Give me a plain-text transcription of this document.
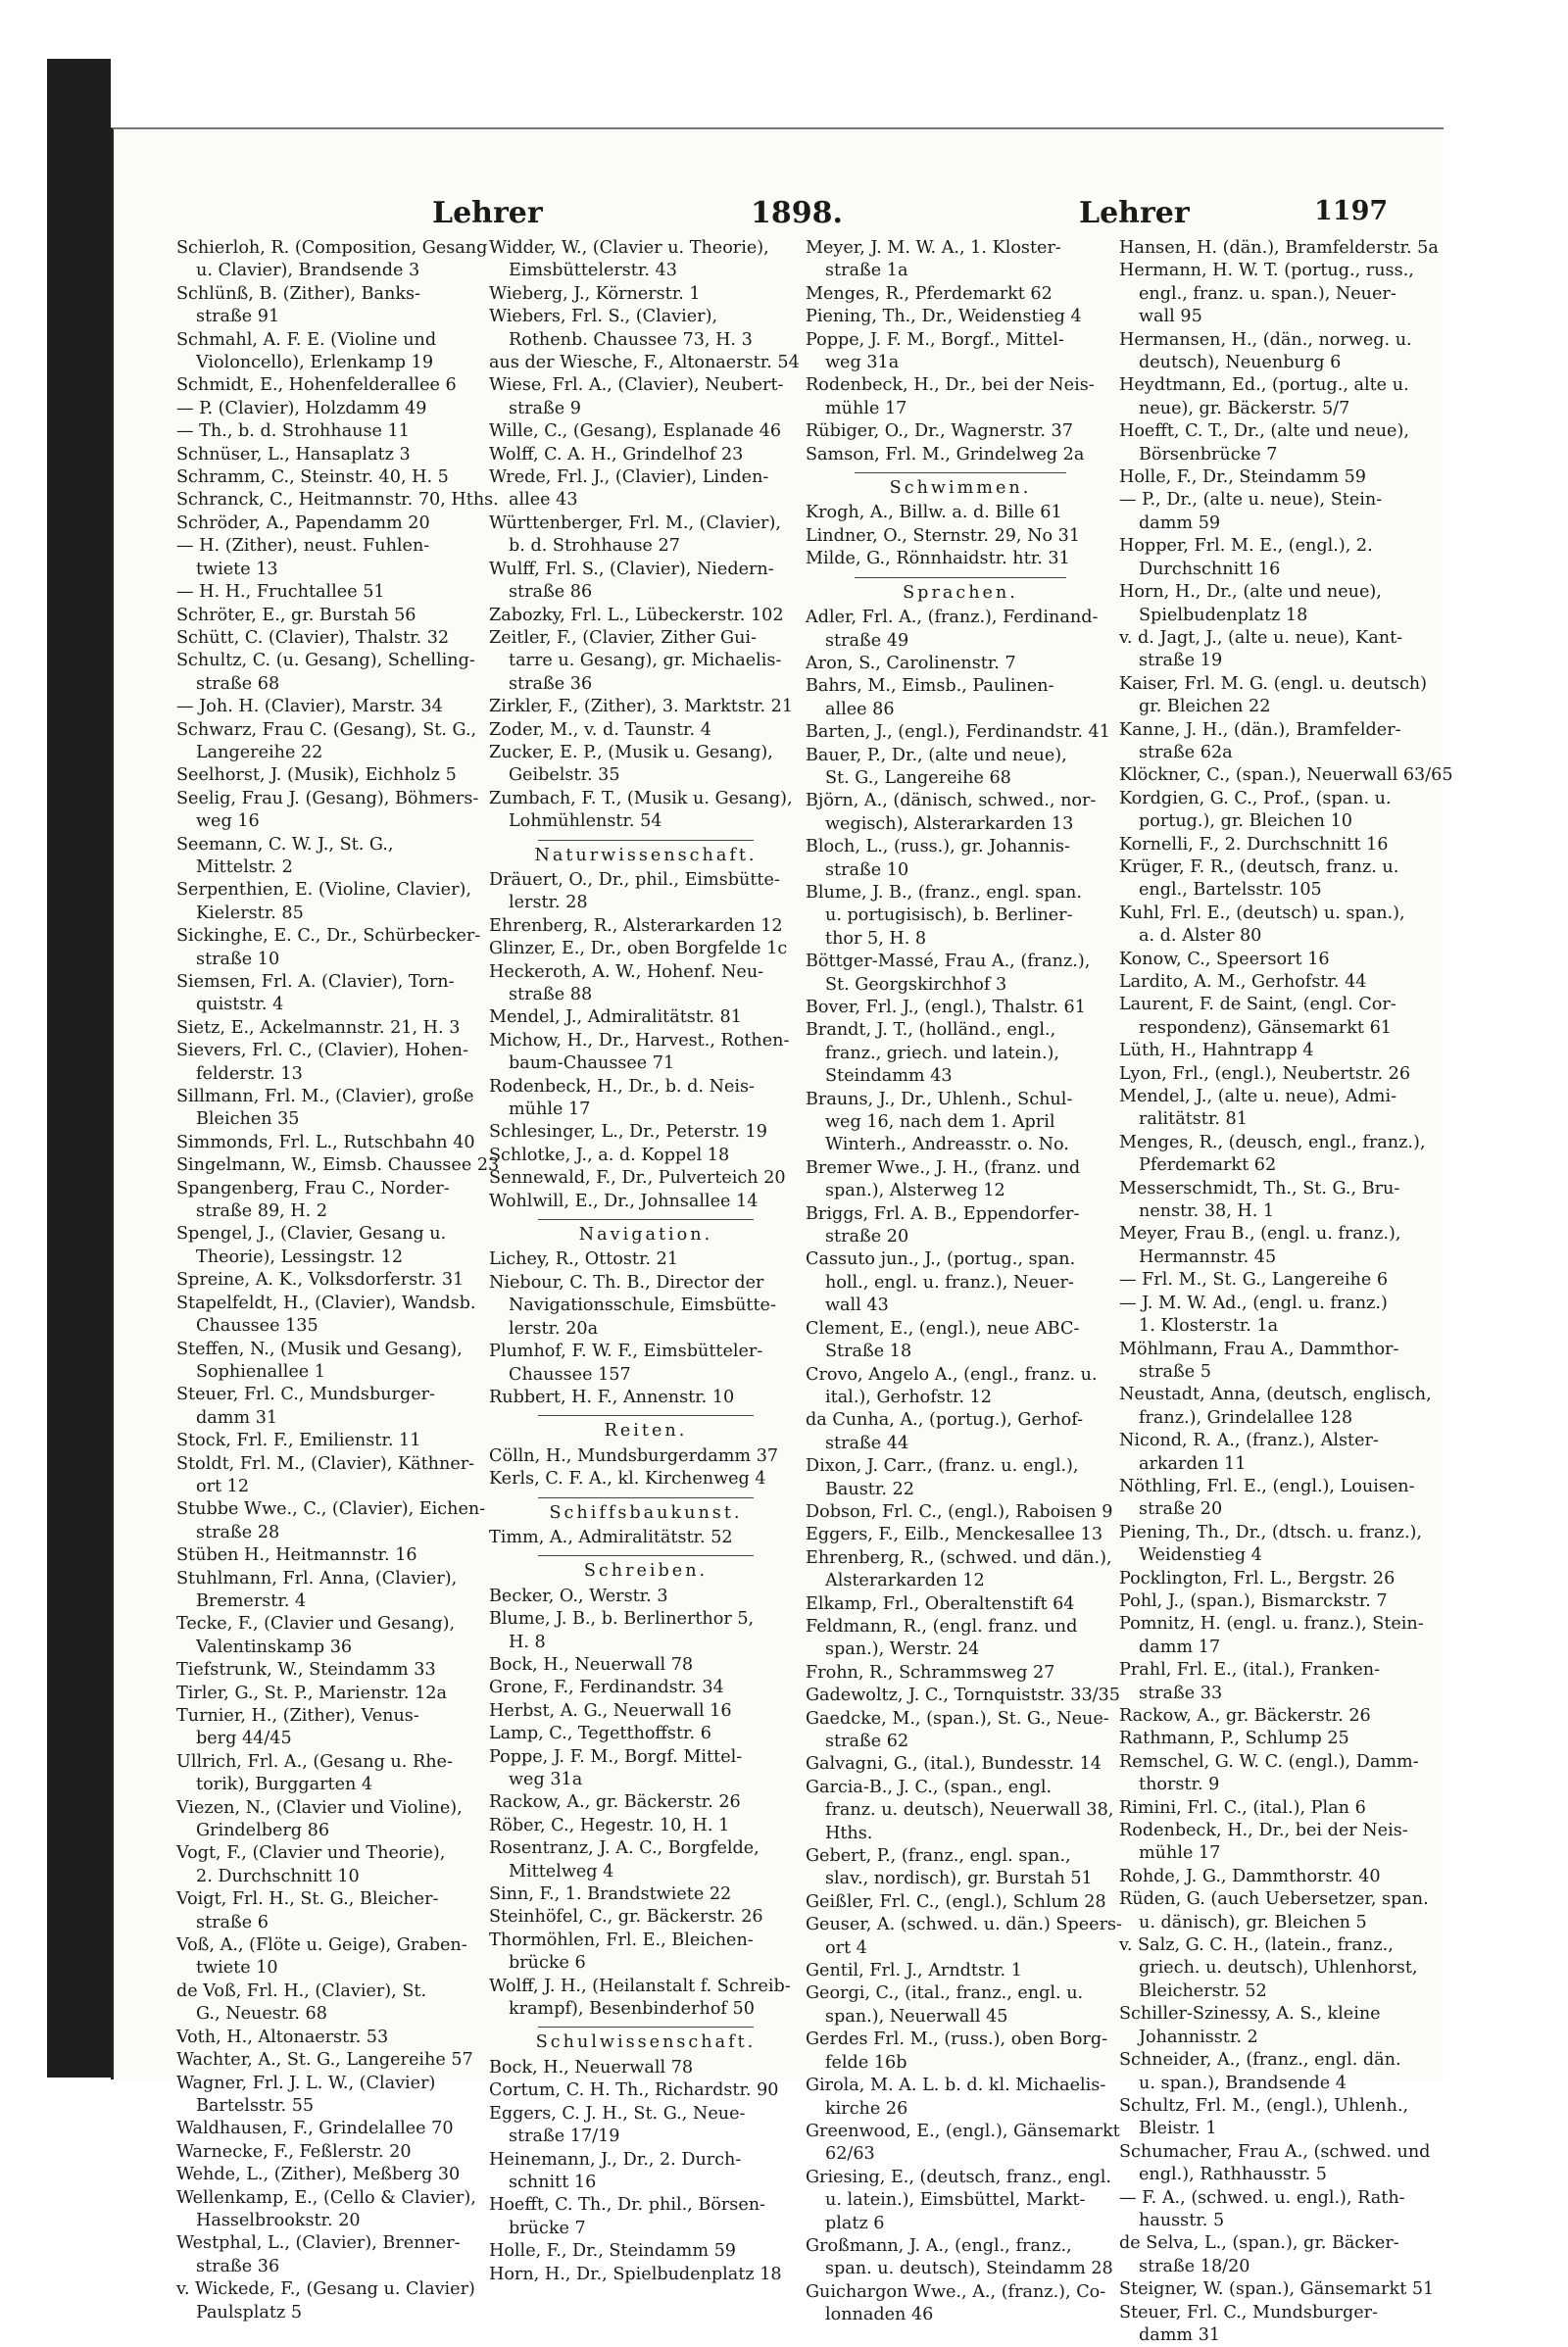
Lehrer	1898.	Lehrer	1197
Schierloh, R. (Composition, Gesang
u. Clavier), Brandsende 3
Schlünß, B. (Zither), Banks-
straße 91
Schmahl, A. F. E. (Violine und
Violoncello), Erlenkamp 19
Schmidt, E., Hohenfelderallee 6
— P. (Clavier), Holzdamm 49
— Th., b. d. Strohhause 11
Schnüser, L., Hansaplatz 3
Schramm, C., Steinstr. 40, H. 5
Schranck, C., Heitmannstr. 70, Hths.
Schröder, A., Papendamm 20
— H. (Zither), neust. Fuhlen-
twiete 13
— H. H., Fruchtallee 51
Schröter, E., gr. Burstah 56
Schütt, C. (Clavier), Thalstr. 32
Schultz, C. (u. Gesang), Schelling-
straße 68
— Joh. H. (Clavier), Marstr. 34
Schwarz, Frau C. (Gesang), St. G.,
Langereihe 22
Seelhorst, J. (Musik), Eichholz 5
Seelig, Frau J. (Gesang), Böhmers-
weg 16
Seemann, C. W. J., St. G.,
Mittelstr. 2
Serpenthien, E. (Violine, Clavier),
Kielerstr. 85
Sickinghe, E. C., Dr., Schürbecker-
straße 10
Siemsen, Frl. A. (Clavier), Torn-
quiststr. 4
Sietz, E., Ackelmannstr. 21, H. 3
Sievers, Frl. C., (Clavier), Hohen-
felderstr. 13
Sillmann, Frl. M., (Clavier), große
Bleichen 35
Simmonds, Frl. L., Rutschbahn 40
Singelmann, W., Eimsb. Chaussee 23
Spangenberg, Frau C., Norder-
straße 89, H. 2
Spengel, J., (Clavier, Gesang u.
Theorie), Lessingstr. 12
Spreine, A. K., Volksdorferstr. 31
Stapelfeldt, H., (Clavier), Wandsb.
Chaussee 135
Steffen, N., (Musik und Gesang),
Sophienallee 1
Steuer, Frl. C., Mundsburger-
damm 31
Stock, Frl. F., Emilienstr. 11
Stoldt, Frl. M., (Clavier), Käthner-
ort 12
Stubbe Wwe., C., (Clavier), Eichen-
straße 28
Stüben H., Heitmannstr. 16
Stuhlmann, Frl. Anna, (Clavier),
Bremerstr. 4
Tecke, F., (Clavier und Gesang),
Valentinskamp 36
Tiefstrunk, W., Steindamm 33
Tirler, G., St. P., Marienstr. 12a
Turnier, H., (Zither), Venus-
berg 44/45
Ullrich, Frl. A., (Gesang u. Rhe-
torik), Burggarten 4
Viezen, N., (Clavier und Violine),
Grindelberg 86
Vogt, F., (Clavier und Theorie),
2. Durchschnitt 10
Voigt, Frl. H., St. G., Bleicher-
straße 6
Voß, A., (Flöte u. Geige), Graben-
twiete 10
de Voß, Frl. H., (Clavier), St.
G., Neuestr. 68
Voth, H., Altonaerstr. 53
Wachter, A., St. G., Langereihe 57
Wagner, Frl. J. L. W., (Clavier)
Bartelsstr. 55
Waldhausen, F., Grindelallee 70
Warnecke, F., Feßlerstr. 20
Wehde, L., (Zither), Meßberg 30
Wellenkamp, E., (Cello & Clavier),
Hasselbrookstr. 20
Westphal, L., (Clavier), Brenner-
straße 36
v. Wickede, F., (Gesang u. Clavier)
Paulsplatz 5
Widder, W., (Clavier u. Theorie),
Eimsbüttelerstr. 43
Wieberg, J., Körnerstr. 1
Wiebers, Frl. S., (Clavier),
Rothenb. Chaussee 73, H. 3
aus der Wiesche, F., Altonaerstr. 54
Wiese, Frl. A., (Clavier), Neubert-
straße 9
Wille, C., (Gesang), Esplanade 46
Wolff, C. A. H., Grindelhof 23
Wrede, Frl. J., (Clavier), Linden-
allee 43
Württenberger, Frl. M., (Clavier),
b. d. Strohhause 27
Wulff, Frl. S., (Clavier), Niedern-
straße 86
Zabozky, Frl. L., Lübeckerstr. 102
Zeitler, F., (Clavier, Zither Gui-
tarre u. Gesang), gr. Michaelis-
straße 36
Zirkler, F., (Zither), 3. Marktstr. 21
Zoder, M., v. d. Taunstr. 4
Zucker, E. P., (Musik u. Gesang),
Geibelstr. 35
Zumbach, F. T., (Musik u. Gesang),
Lohmühlenstr. 54
Naturwissenschaft.
Dräuert, O., Dr., phil., Eimsbütte-
lerstr. 28
Ehrenberg, R., Alsterarkarden 12
Glinzer, E., Dr., oben Borgfelde 1c
Heckeroth, A. W., Hohenf. Neu-
straße 88
Mendel, J., Admiralitätstr. 81
Michow, H., Dr., Harvest., Rothen-
baum-Chaussee 71
Rodenbeck, H., Dr., b. d. Neis-
mühle 17
Schlesinger, L., Dr., Peterstr. 19
Schlotke, J., a. d. Koppel 18
Sennewald, F., Dr., Pulverteich 20
Wohlwill, E., Dr., Johnsallee 14
Navigation.
Lichey, R., Ottostr. 21
Niebour, C. Th. B., Director der
Navigationsschule, Eimsbütte-
lerstr. 20a
Plumhof, F. W. F., Eimsbütteler-
Chaussee 157
Rubbert, H. F., Annenstr. 10
Reiten.
Cölln, H., Mundsburgerdamm 37
Kerls, C. F. A., kl. Kirchenweg 4
Schiffsbaukunst.
Timm, A., Admiralitätstr. 52
Schreiben.
Becker, O., Werstr. 3
Blume, J. B., b. Berlinerthor 5,
H. 8
Bock, H., Neuerwall 78
Grone, F., Ferdinandstr. 34
Herbst, A. G., Neuerwall 16
Lamp, C., Tegetthoffstr. 6
Poppe, J. F. M., Borgf. Mittel-
weg 31a
Rackow, A., gr. Bäckerstr. 26
Röber, C., Hegestr. 10, H. 1
Rosentranz, J. A. C., Borgfelde,
Mittelweg 4
Sinn, F., 1. Brandstwiete 22
Steinhöfel, C., gr. Bäckerstr. 26
Thormöhlen, Frl. E., Bleichen-
brücke 6
Wolff, J. H., (Heilanstalt f. Schreib-
krampf), Besenbinderhof 50
Schulwissenschaft.
Bock, H., Neuerwall 78
Cortum, C. H. Th., Richardstr. 90
Eggers, C. J. H., St. G., Neue-
straße 17/19
Heinemann, J., Dr., 2. Durch-
schnitt 16
Hoefft, C. Th., Dr. phil., Börsen-
brücke 7
Holle, F., Dr., Steindamm 59
Horn, H., Dr., Spielbudenplatz 18
Meyer, J. M. W. A., 1. Kloster-
straße 1a
Menges, R., Pferdemarkt 62
Piening, Th., Dr., Weidenstieg 4
Poppe, J. F. M., Borgf., Mittel-
weg 31a
Rodenbeck, H., Dr., bei der Neis-
mühle 17
Rübiger, O., Dr., Wagnerstr. 37
Samson, Frl. M., Grindelweg 2a
Schwimmen.
Krogh, A., Billw. a. d. Bille 61
Lindner, O., Sternstr. 29, No 31
Milde, G., Rönnhaidstr. htr. 31
Sprachen.
Adler, Frl. A., (franz.), Ferdinand-
straße 49
Aron, S., Carolinenstr. 7
Bahrs, M., Eimsb., Paulinen-
allee 86
Barten, J., (engl.), Ferdinandstr. 41
Bauer, P., Dr., (alte und neue),
St. G., Langereihe 68
Björn, A., (dänisch, schwed., nor-
wegisch), Alsterarkarden 13
Bloch, L., (russ.), gr. Johannis-
straße 10
Blume, J. B., (franz., engl. span.
u. portugisisch), b. Berliner-
thor 5, H. 8
Böttger-Massé, Frau A., (franz.),
St. Georgskirchhof 3
Bover, Frl. J., (engl.), Thalstr. 61
Brandt, J. T., (holländ., engl.,
franz., griech. und latein.),
Steindamm 43
Brauns, J., Dr., Uhlenh., Schul-
weg 16, nach dem 1. April
Winterh., Andreasstr. o. No.
Bremer Wwe., J. H., (franz. und
span.), Alsterweg 12
Briggs, Frl. A. B., Eppendorfer-
straße 20
Cassuto jun., J., (portug., span.
holl., engl. u. franz.), Neuer-
wall 43
Clement, E., (engl.), neue ABC-
Straße 18
Crovo, Angelo A., (engl., franz. u.
ital.), Gerhofstr. 12
da Cunha, A., (portug.), Gerhof-
straße 44
Dixon, J. Carr., (franz. u. engl.),
Baustr. 22
Dobson, Frl. C., (engl.), Raboisen 9
Eggers, F., Eilb., Menckesallee 13
Ehrenberg, R., (schwed. und dän.),
Alsterarkarden 12
Elkamp, Frl., Oberaltenstift 64
Feldmann, R., (engl. franz. und
span.), Werstr. 24
Frohn, R., Schrammsweg 27
Gadewoltz, J. C., Tornquiststr. 33/35
Gaedcke, M., (span.), St. G., Neue-
straße 62
Galvagni, G., (ital.), Bundesstr. 14
Garcia-B., J. C., (span., engl.
franz. u. deutsch), Neuerwall 38,
Hths.
Gebert, P., (franz., engl. span.,
slav., nordisch), gr. Burstah 51
Geißler, Frl. C., (engl.), Schlum 28
Geuser, A. (schwed. u. dän.) Speers-
ort 4
Gentil, Frl. J., Arndtstr. 1
Georgi, C., (ital., franz., engl. u.
span.), Neuerwall 45
Gerdes Frl. M., (russ.), oben Borg-
felde 16b
Girola, M. A. L. b. d. kl. Michaelis-
kirche 26
Greenwood, E., (engl.), Gänsemarkt
62/63
Griesing, E., (deutsch, franz., engl.
u. latein.), Eimsbüttel, Markt-
platz 6
Großmann, J. A., (engl., franz.,
span. u. deutsch), Steindamm 28
Guichargon Wwe., A., (franz.), Co-
lonnaden 46
Hansen, H. (dän.), Bramfelderstr. 5a
Hermann, H. W. T. (portug., russ.,
engl., franz. u. span.), Neuer-
wall 95
Hermansen, H., (dän., norweg. u.
deutsch), Neuenburg 6
Heydtmann, Ed., (portug., alte u.
neue), gr. Bäckerstr. 5/7
Hoefft, C. T., Dr., (alte und neue),
Börsenbrücke 7
Holle, F., Dr., Steindamm 59
— P., Dr., (alte u. neue), Stein-
damm 59
Hopper, Frl. M. E., (engl.), 2.
Durchschnitt 16
Horn, H., Dr., (alte und neue),
Spielbudenplatz 18
v. d. Jagt, J., (alte u. neue), Kant-
straße 19
Kaiser, Frl. M. G. (engl. u. deutsch)
gr. Bleichen 22
Kanne, J. H., (dän.), Bramfelder-
straße 62a
Klöckner, C., (span.), Neuerwall 63/65
Kordgien, G. C., Prof., (span. u.
portug.), gr. Bleichen 10
Kornelli, F., 2. Durchschnitt 16
Krüger, F. R., (deutsch, franz. u.
engl., Bartelsstr. 105
Kuhl, Frl. E., (deutsch) u. span.),
a. d. Alster 80
Konow, C., Speersort 16
Lardito, A. M., Gerhofstr. 44
Laurent, F. de Saint, (engl. Cor-
respondenz), Gänsemarkt 61
Lüth, H., Hahntrapp 4
Lyon, Frl., (engl.), Neubertstr. 26
Mendel, J., (alte u. neue), Admi-
ralitätstr. 81
Menges, R., (deusch, engl., franz.),
Pferdemarkt 62
Messerschmidt, Th., St. G., Bru-
nenstr. 38, H. 1
Meyer, Frau B., (engl. u. franz.),
Hermannstr. 45
— Frl. M., St. G., Langereihe 6
— J. M. W. Ad., (engl. u. franz.)
1. Klosterstr. 1a
Möhlmann, Frau A., Dammthor-
straße 5
Neustadt, Anna, (deutsch, englisch,
franz.), Grindelallee 128
Nicond, R. A., (franz.), Alster-
arkarden 11
Nöthling, Frl. E., (engl.), Louisen-
straße 20
Piening, Th., Dr., (dtsch. u. franz.),
Weidenstieg 4
Pocklington, Frl. L., Bergstr. 26
Pohl, J., (span.), Bismarckstr. 7
Pomnitz, H. (engl. u. franz.), Stein-
damm 17
Prahl, Frl. E., (ital.), Franken-
straße 33
Rackow, A., gr. Bäckerstr. 26
Rathmann, P., Schlump 25
Remschel, G. W. C. (engl.), Damm-
thorstr. 9
Rimini, Frl. C., (ital.), Plan 6
Rodenbeck, H., Dr., bei der Neis-
mühle 17
Rohde, J. G., Dammthorstr. 40
Rüden, G. (auch Uebersetzer, span.
u. dänisch), gr. Bleichen 5
v. Salz, G. C. H., (latein., franz.,
griech. u. deutsch), Uhlenhorst,
Bleicherstr. 52
Schiller-Szinessy, A. S., kleine
Johannisstr. 2
Schneider, A., (franz., engl. dän.
u. span.), Brandsende 4
Schultz, Frl. M., (engl.), Uhlenh.,
Bleistr. 1
Schumacher, Frau A., (schwed. und
engl.), Rathhausstr. 5
— F. A., (schwed. u. engl.), Rath-
hausstr. 5
de Selva, L., (span.), gr. Bäcker-
straße 18/20
Steigner, W. (span.), Gänsemarkt 51
Steuer, Frl. C., Mundsburger-
damm 31
